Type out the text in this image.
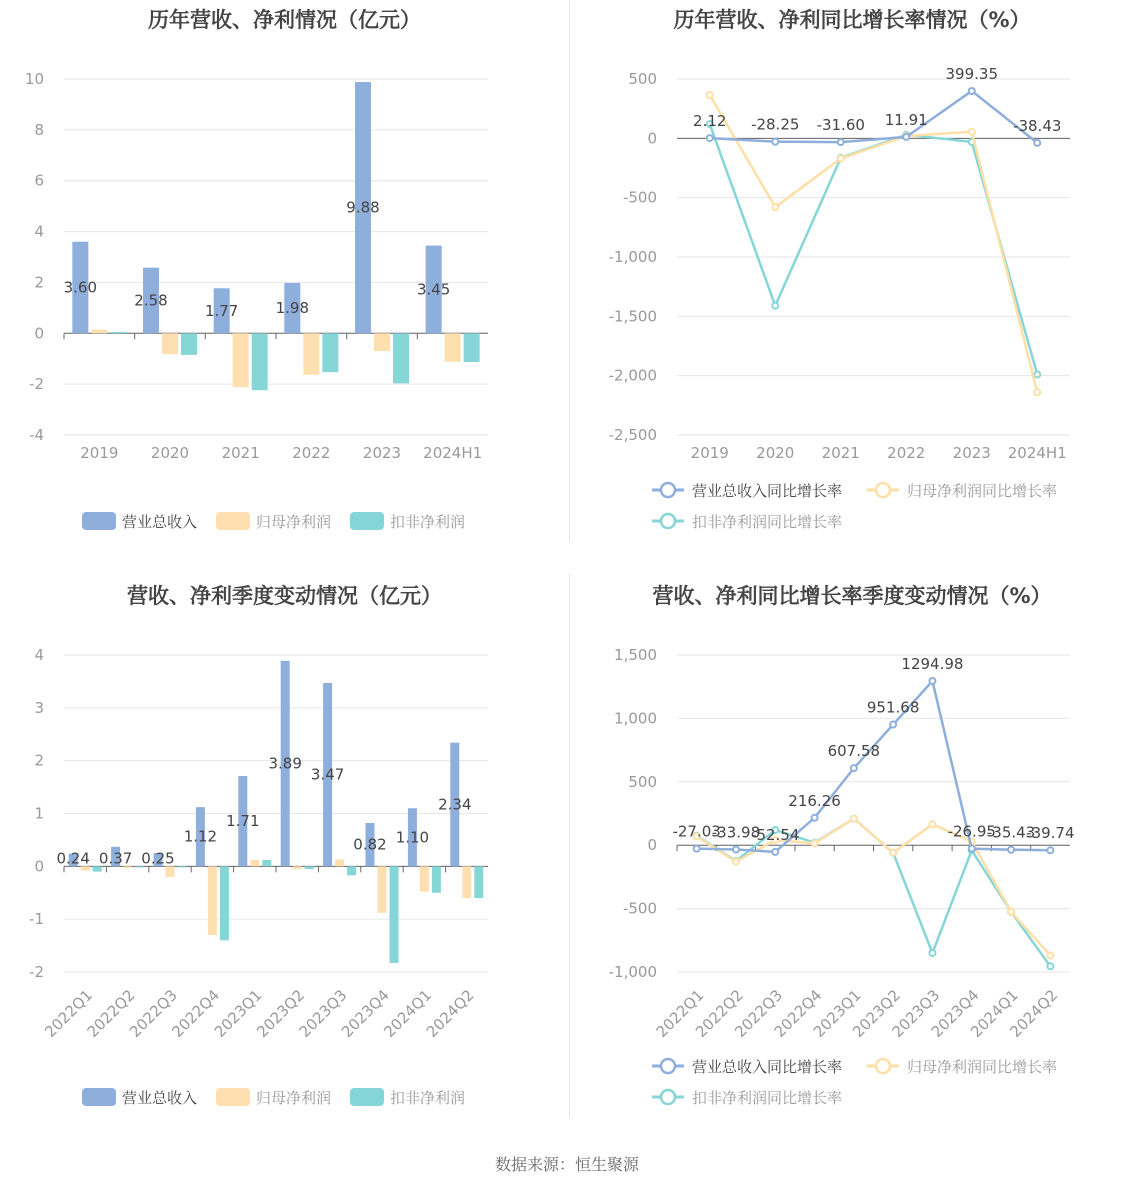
历年营收、净利情况（亿元）
-4
-2
0
2
4
6
8
10
2019 2020 2021 2022 2023 2024H1
3.60
2.58
1.77 1.98
9.88
3.45
营业总收入	归母净利润	扣非净利润
历年营收、净利同比增长率情况（%）
-2,500
-2,000
-1,500
-1,000
-500
0
500
2019 2020 2021 2022 2023 2024H1
2.12 -28.25 -31.60 11.91
399.35
-38.43
营业总收入同比增长率	归母净利润同比增长率
扣非净利润同比增长率
营收、净利季度变动情况（亿元）
-2
-1
0
1
2
3
4
2022Q1
2022Q2
2022Q3
2022Q4
2023Q1
2023Q2
2023Q3
2023Q4
2024Q1
2024Q2
0.24 0.37 0.25
1.12
1.71
3.89
3.47
0.82 1.10
2.34
营业总收入	归母净利润	扣非净利润
营收、净利同比增长率季度变动情况（%）
-1,000
-500
0
500
1,000
1,500
2022Q1
2022Q2
2022Q3
2022Q4
2023Q1
2023Q2
2023Q3
2023Q4
2024Q1
2024Q2
-27.03
-33.98
-52.54
216.26
607.58
951.68
1294.98
-26.95
-35.43
-39.74
营业总收入同比增长率	归母净利润同比增长率
扣非净利润同比增长率
数据来源：恒生聚源
